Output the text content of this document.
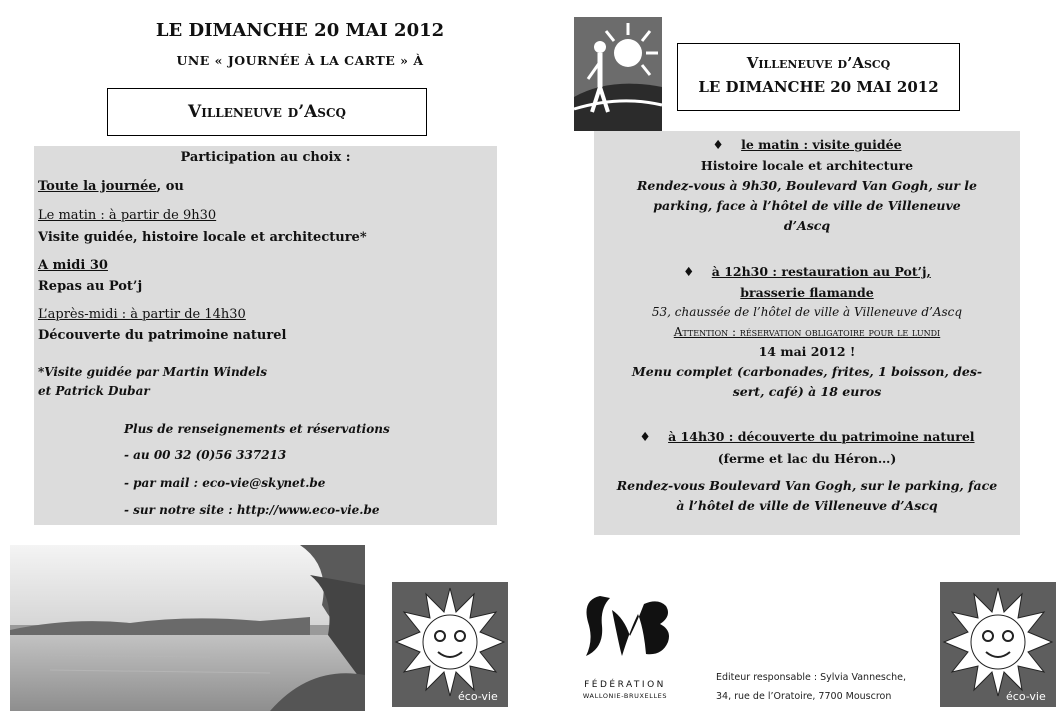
LE DIMANCHE 20 MAI 2012
UNE « JOURNÉE À LA CARTE » À
Villeneuve d’Ascq
Participation au choix :
Toute la journée, ou
Le matin : à partir de 9h30
Visite guidée, histoire locale et architecture*
A midi 30
Repas au Pot’j
L’après-midi : à partir de 14h30
Découverte du patrimoine naturel
*Visite guidée par Martin Windels
et Patrick Dubar
Plus de renseignements et réservations
- au 00 32 (0)56 337213
- par mail : eco-vie@skynet.be
- sur notre site : http://www.eco-vie.be
Villeneuve d’Ascq
LE DIMANCHE 20 MAI 2012
♦ le matin : visite guidée
Histoire locale et architecture
Rendez-vous à 9h30, Boulevard Van Gogh, sur le
parking, face à l’hôtel de ville de Villeneuve
d’Ascq
♦ à 12h30 : restauration au Pot’j,
brasserie flamande
53, chaussée de l’hôtel de ville à Villeneuve d’Ascq
Attention : réservation obligatoire pour le lundi
14 mai 2012 !
Menu complet (carbonades, frites, 1 boisson, des-
sert, café) à 18 euros
♦ à 14h30 : découverte du patrimoine naturel
(ferme et lac du Héron…)
Rendez-vous Boulevard Van Gogh, sur le parking, face
à l’hôtel de ville de Villeneuve d’Ascq
éco-vie	éco-vie
FÉDÉRATION
WALLONIE-BRUXELLES
Editeur responsable : Sylvia Vannesche,
34, rue de l’Oratoire, 7700 Mouscron
